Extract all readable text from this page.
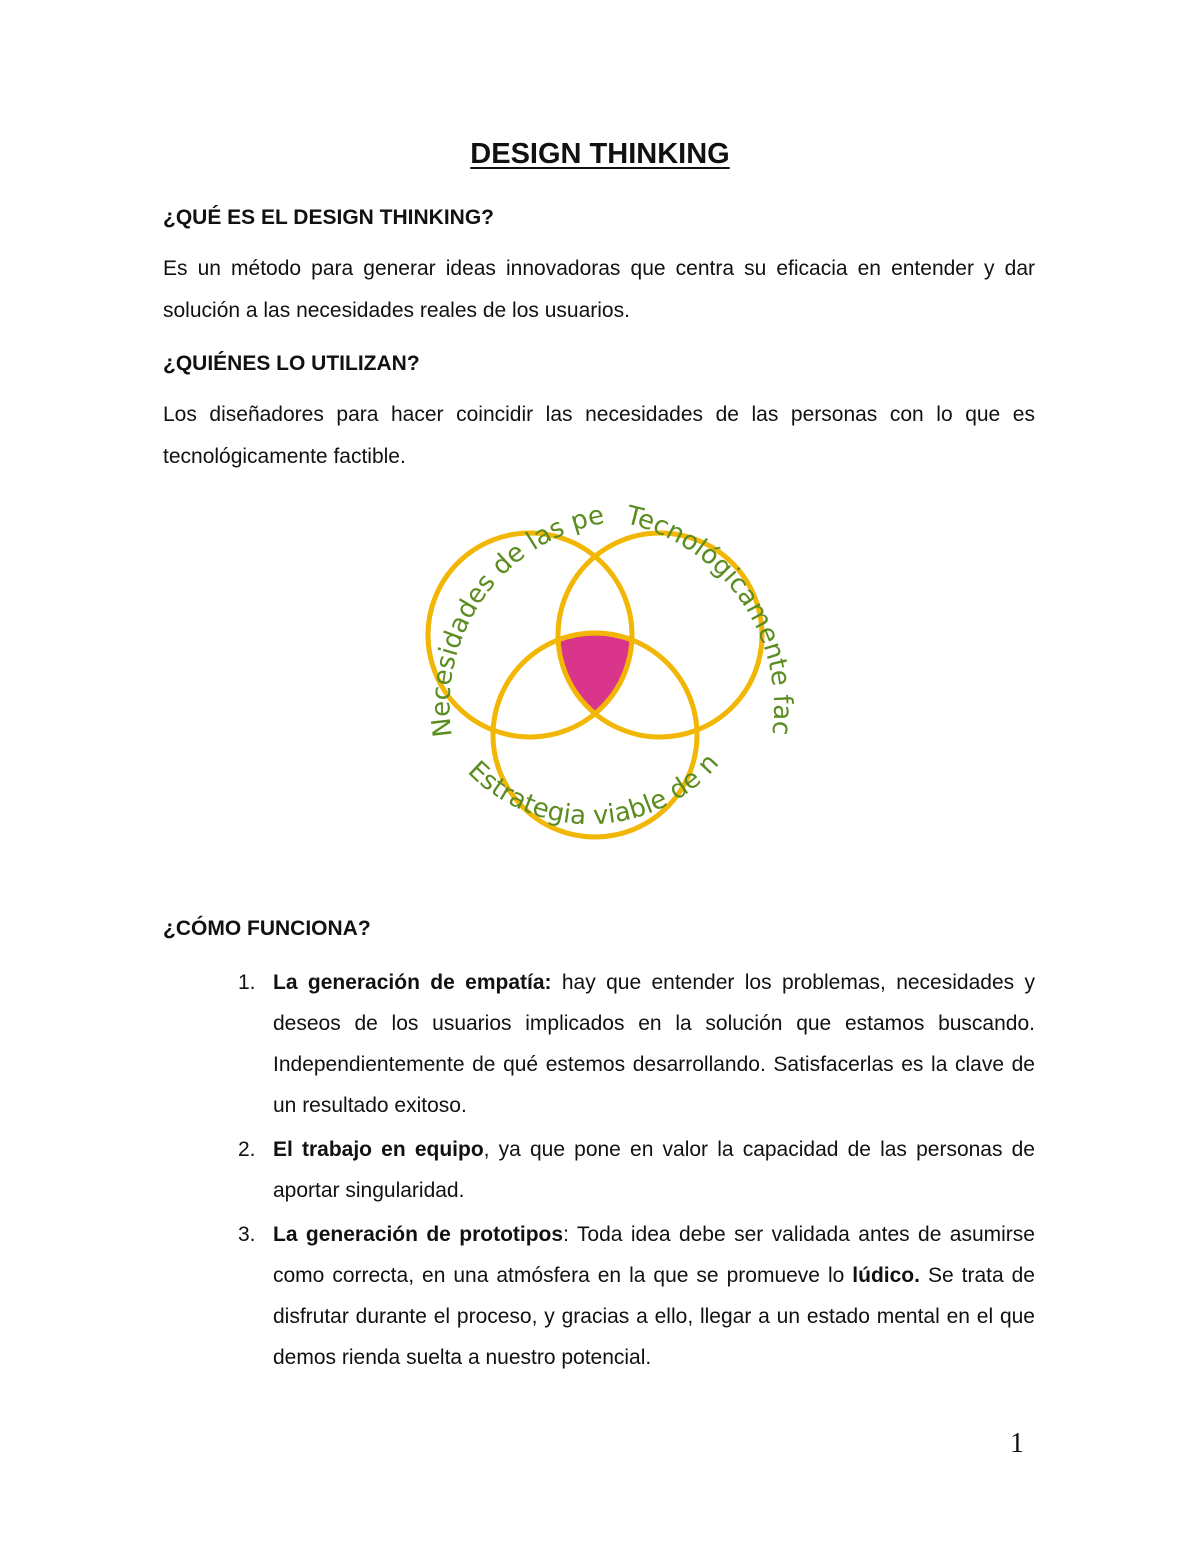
DESIGN THINKING
¿QUÉ ES EL DESIGN THINKING?
Es un método para generar ideas innovadoras que centra su eficacia en entender y dar solución a las necesidades reales de los usuarios.
¿QUIÉNES LO UTILIZAN?
Los diseñadores para hacer coincidir las necesidades de las personas con lo que es tecnológicamente factible.
Necesidades de las pe Tecnológicamente fac
Estrategia viable de n
¿CÓMO FUNCIONA?
1. La generación de empatía: hay que entender los problemas, necesidades y deseos de los usuarios implicados en la solución que estamos buscando. Independientemente de qué estemos desarrollando. Satisfacerlas es la clave de un resultado exitoso.
2. El trabajo en equipo, ya que pone en valor la capacidad de las personas de aportar singularidad.
3. La generación de prototipos: Toda idea debe ser validada antes de asumirse como correcta, en una atmósfera en la que se promueve lo lúdico. Se trata de disfrutar durante el proceso, y gracias a ello, llegar a un estado mental en el que demos rienda suelta a nuestro potencial.
1
